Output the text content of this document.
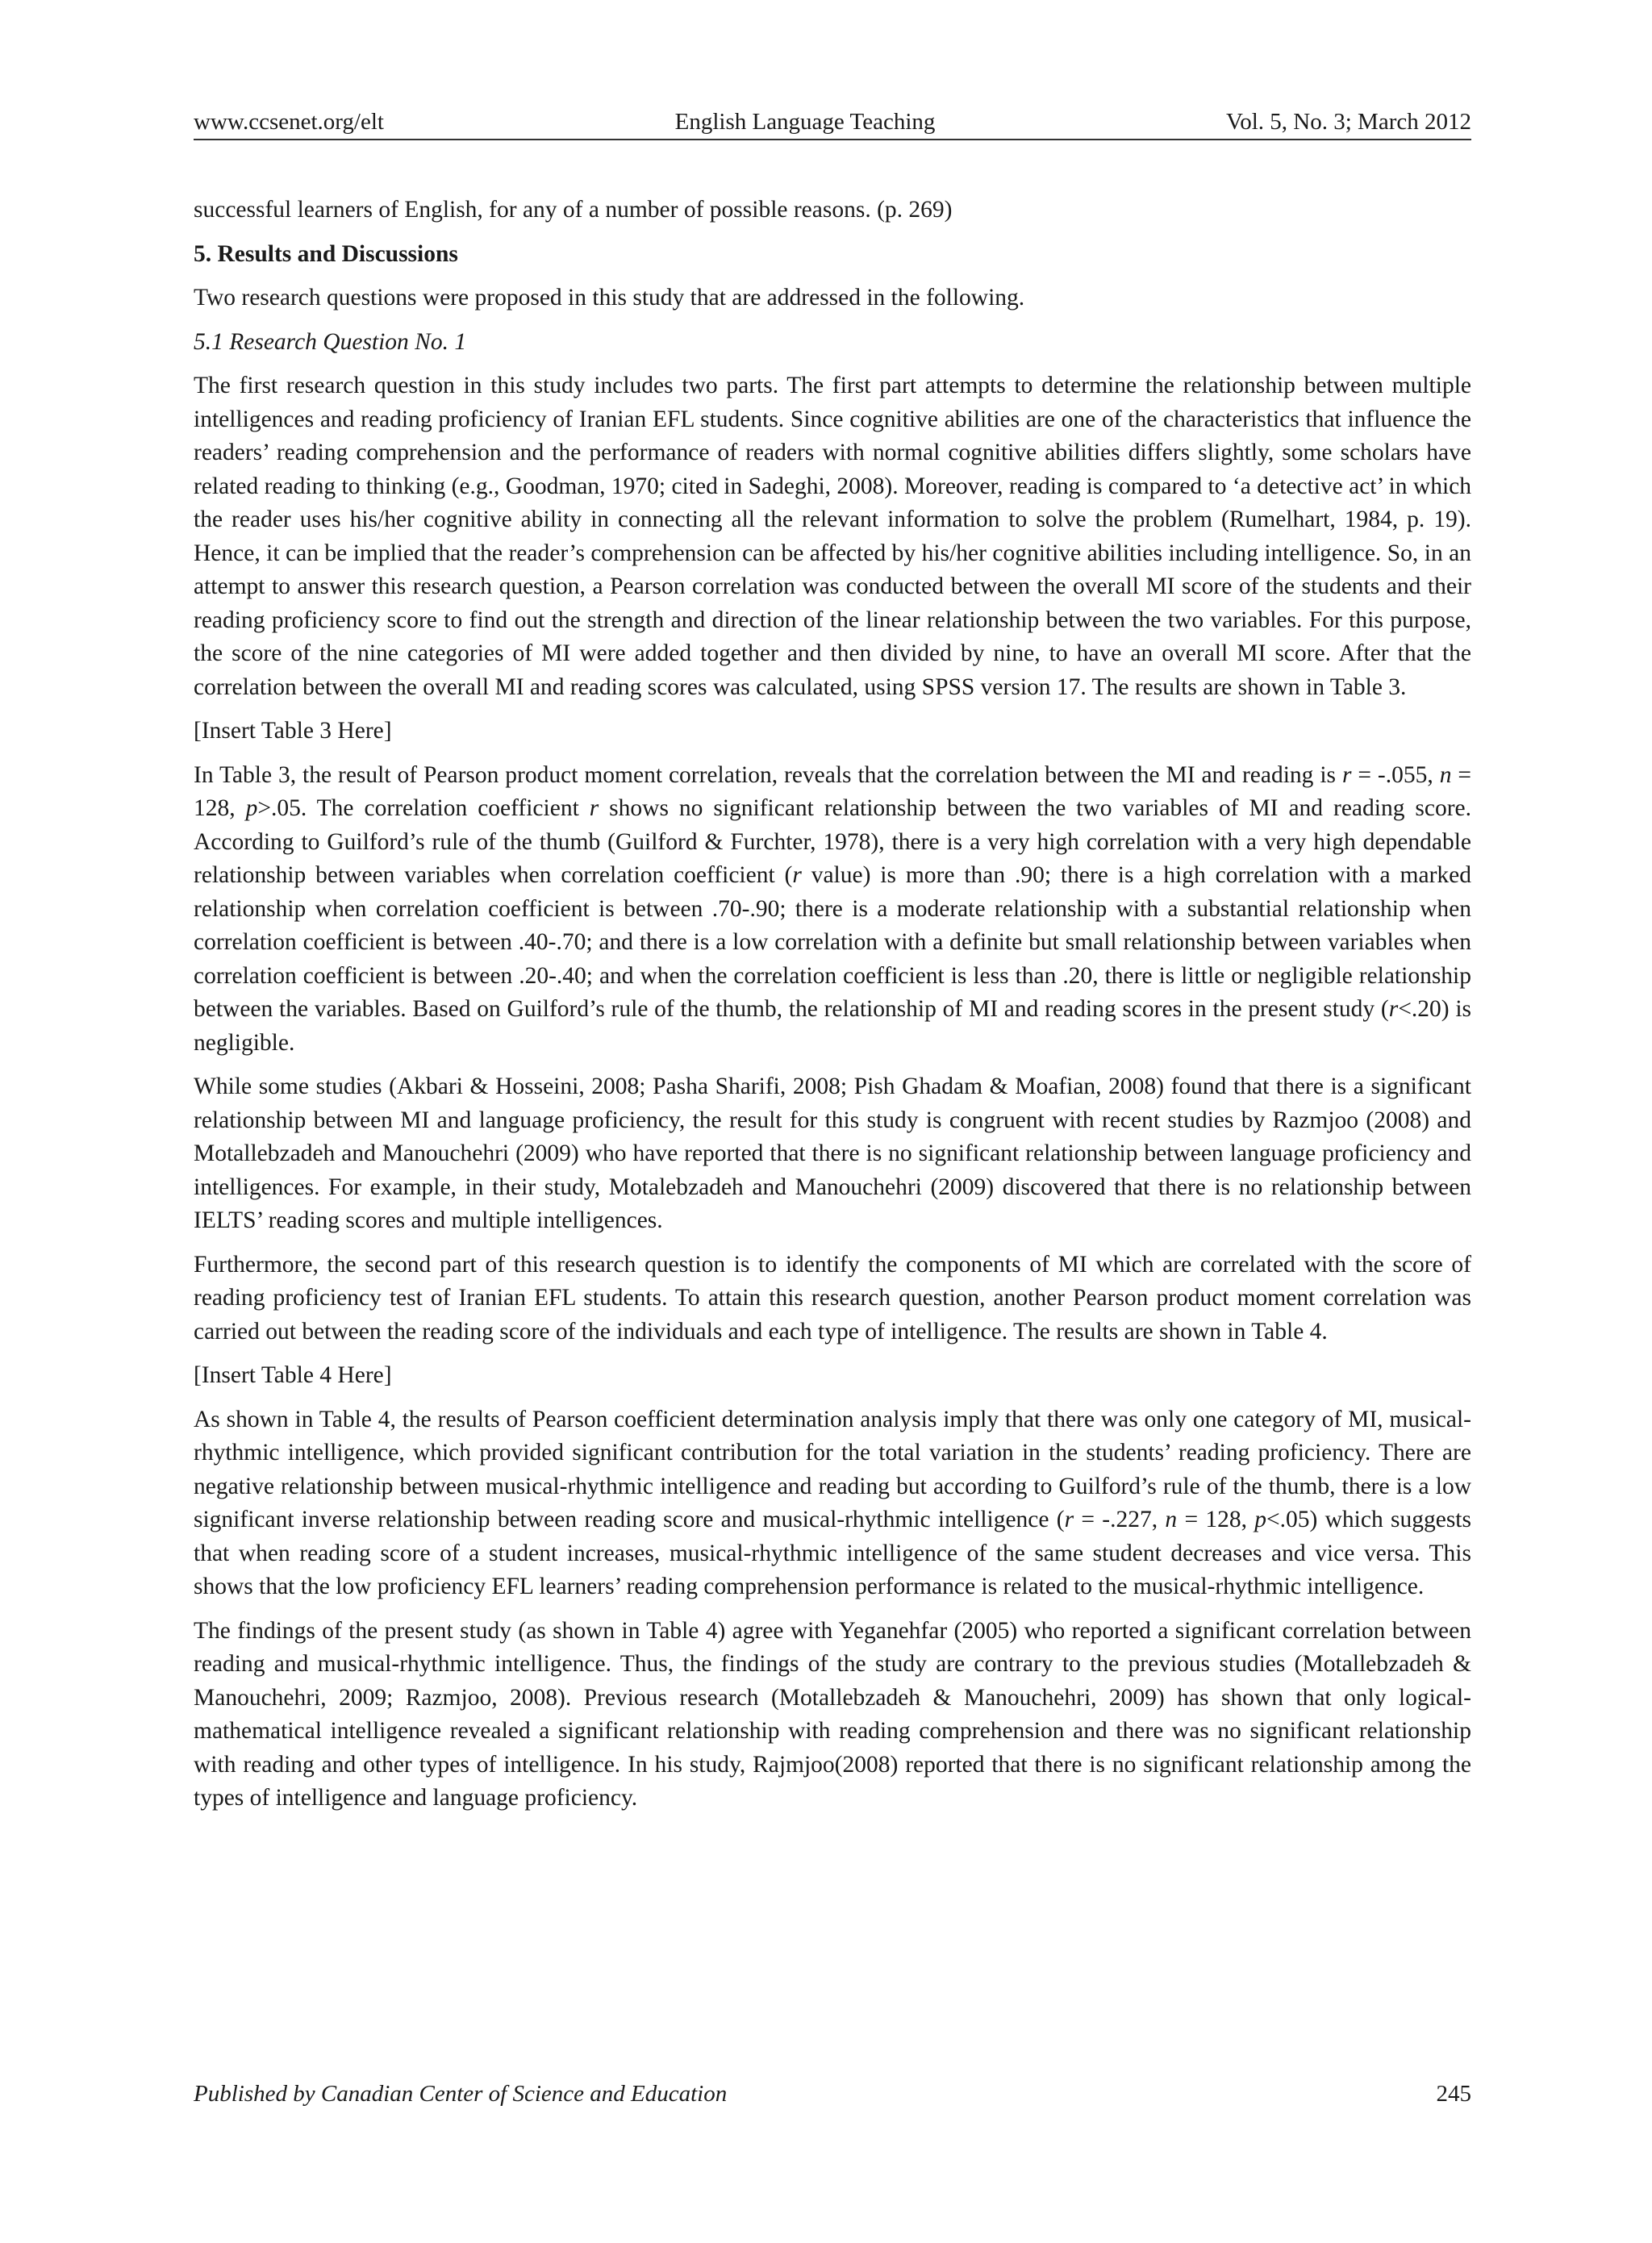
www.ccsenet.org/elt	English Language Teaching	Vol. 5, No. 3; March 2012

successful learners of English, for any of a number of possible reasons. (p. 269)

5. Results and Discussions

Two research questions were proposed in this study that are addressed in the following.

5.1 Research Question No. 1

The first research question in this study includes two parts. The first part attempts to determine the relationship between multiple intelligences and reading proficiency of Iranian EFL students. Since cognitive abilities are one of the characteristics that influence the readers’ reading comprehension and the performance of readers with normal cognitive abilities differs slightly, some scholars have related reading to thinking (e.g., Goodman, 1970; cited in Sadeghi, 2008). Moreover, reading is compared to ‘a detective act’ in which the reader uses his/her cognitive ability in connecting all the relevant information to solve the problem (Rumelhart, 1984, p. 19). Hence, it can be implied that the reader’s comprehension can be affected by his/her cognitive abilities including intelligence. So, in an attempt to answer this research question, a Pearson correlation was conducted between the overall MI score of the students and their reading proficiency score to find out the strength and direction of the linear relationship between the two variables. For this purpose, the score of the nine categories of MI were added together and then divided by nine, to have an overall MI score. After that the correlation between the overall MI and reading scores was calculated, using SPSS version 17. The results are shown in Table 3.

[Insert Table 3 Here]

In Table 3, the result of Pearson product moment correlation, reveals that the correlation between the MI and reading is r = -.055, n = 128, p>.05. The correlation coefficient r shows no significant relationship between the two variables of MI and reading score. According to Guilford’s rule of the thumb (Guilford & Furchter, 1978), there is a very high correlation with a very high dependable relationship between variables when correlation coefficient (r value) is more than .90; there is a high correlation with a marked relationship when correlation coefficient is between .70-.90; there is a moderate relationship with a substantial relationship when correlation coefficient is between .40-.70; and there is a low correlation with a definite but small relationship between variables when correlation coefficient is between .20-.40; and when the correlation coefficient is less than .20, there is little or negligible relationship between the variables. Based on Guilford’s rule of the thumb, the relationship of MI and reading scores in the present study (r<.20) is negligible.

While some studies (Akbari & Hosseini, 2008; Pasha Sharifi, 2008; Pish Ghadam & Moafian, 2008) found that there is a significant relationship between MI and language proficiency, the result for this study is congruent with recent studies by Razmjoo (2008) and Motallebzadeh and Manouchehri (2009) who have reported that there is no significant relationship between language proficiency and intelligences. For example, in their study, Motalebzadeh and Manouchehri (2009) discovered that there is no relationship between IELTS’ reading scores and multiple intelligences.

Furthermore, the second part of this research question is to identify the components of MI which are correlated with the score of reading proficiency test of Iranian EFL students. To attain this research question, another Pearson product moment correlation was carried out between the reading score of the individuals and each type of intelligence. The results are shown in Table 4.

[Insert Table 4 Here]

As shown in Table 4, the results of Pearson coefficient determination analysis imply that there was only one category of MI, musical-rhythmic intelligence, which provided significant contribution for the total variation in the students’ reading proficiency. There are negative relationship between musical-rhythmic intelligence and reading but according to Guilford’s rule of the thumb, there is a low significant inverse relationship between reading score and musical-rhythmic intelligence (r = -.227, n = 128, p<.05) which suggests that when reading score of a student increases, musical-rhythmic intelligence of the same student decreases and vice versa. This shows that the low proficiency EFL learners’ reading comprehension performance is related to the musical-rhythmic intelligence.

The findings of the present study (as shown in Table 4) agree with Yeganehfar (2005) who reported a significant correlation between reading and musical-rhythmic intelligence. Thus, the findings of the study are contrary to the previous studies (Motallebzadeh & Manouchehri, 2009; Razmjoo, 2008). Previous research (Motallebzadeh & Manouchehri, 2009) has shown that only logical-mathematical intelligence revealed a significant relationship with reading comprehension and there was no significant relationship with reading and other types of intelligence. In his study, Rajmjoo(2008) reported that there is no significant relationship among the types of intelligence and language proficiency.

Published by Canadian Center of Science and Education	245
